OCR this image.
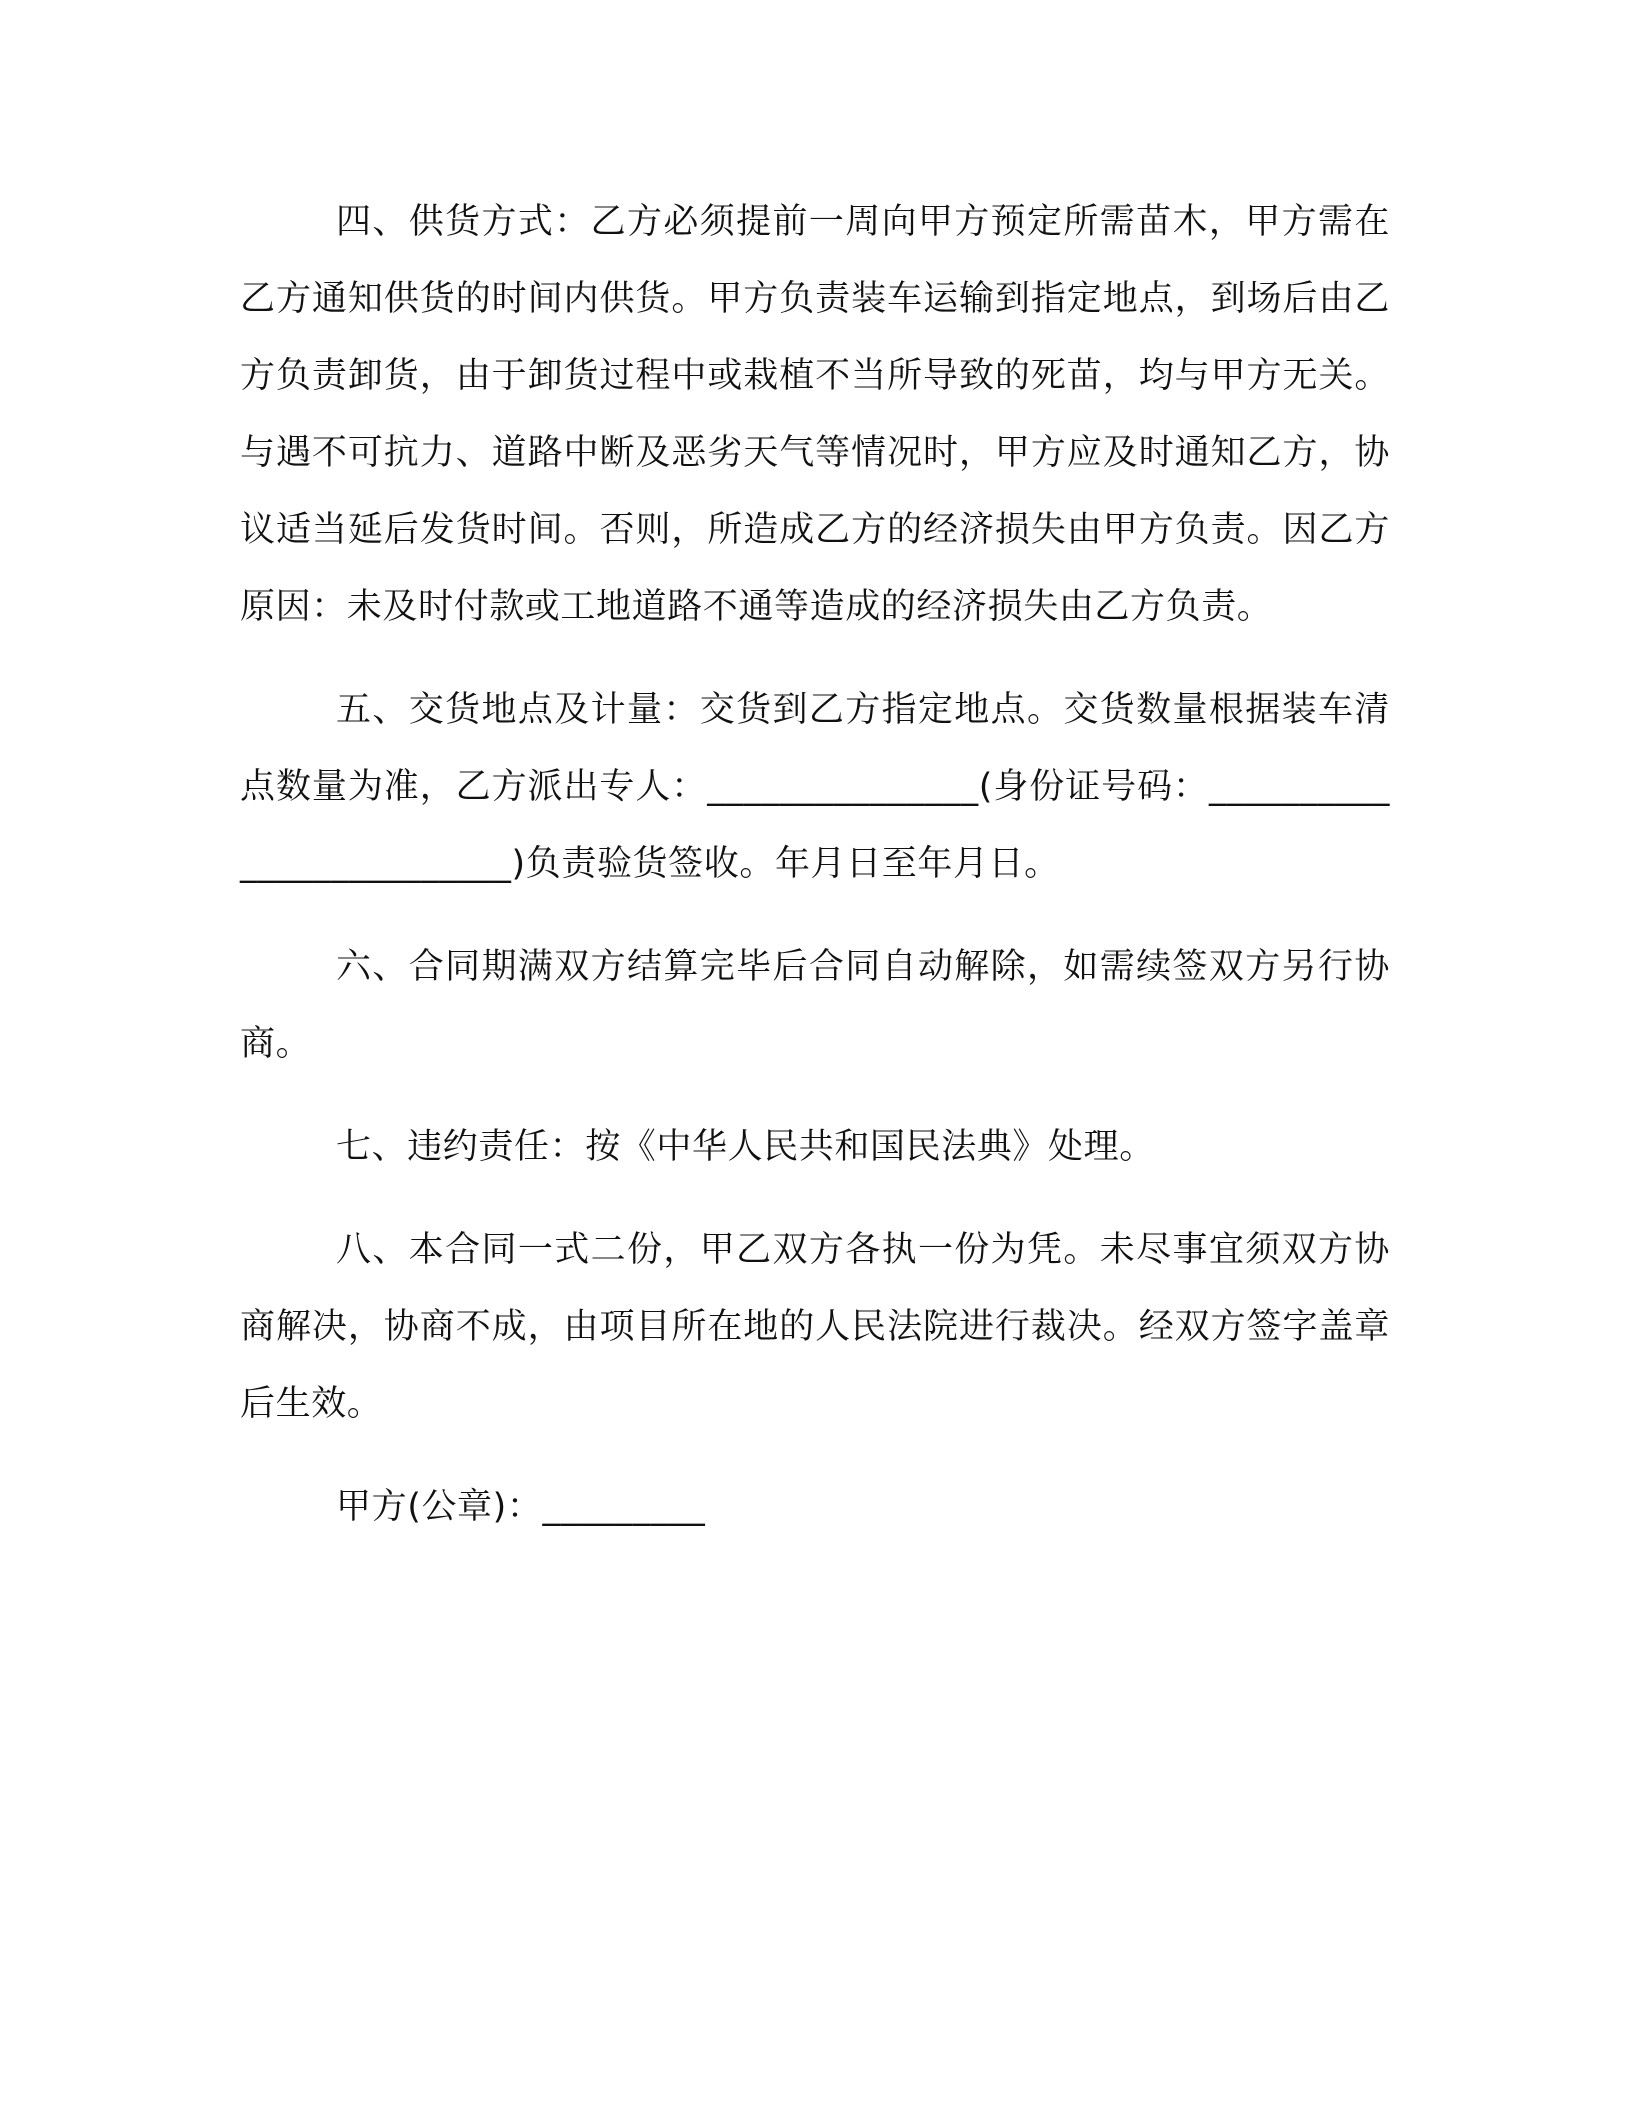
四、供货方式：乙方必须提前一周向甲方预定所需苗木，甲方需在乙方通知供货的时间内供货。甲方负责装车运输到指定地点，到场后由乙方负责卸货，由于卸货过程中或栽植不当所导致的死苗，均与甲方无关。与遇不可抗力、道路中断及恶劣天气等情况时，甲方应及时通知乙方，协议适当延后发货时间。否则，所造成乙方的经济损失由甲方负责。因乙方原因：未及时付款或工地道路不通等造成的经济损失由乙方负责。

五、交货地点及计量：交货到乙方指定地点。交货数量根据装车清点数量为准，乙方派出专人：_______________(身份证号码：_________________________)负责验货签收。年月日至年月日。

六、合同期满双方结算完毕后合同自动解除，如需续签双方另行协商。

七、违约责任：按《中华人民共和国民法典》处理。

八、本合同一式二份，甲乙双方各执一份为凭。未尽事宜须双方协商解决，协商不成，由项目所在地的人民法院进行裁决。经双方签字盖章后生效。

甲方(公章)：_________
